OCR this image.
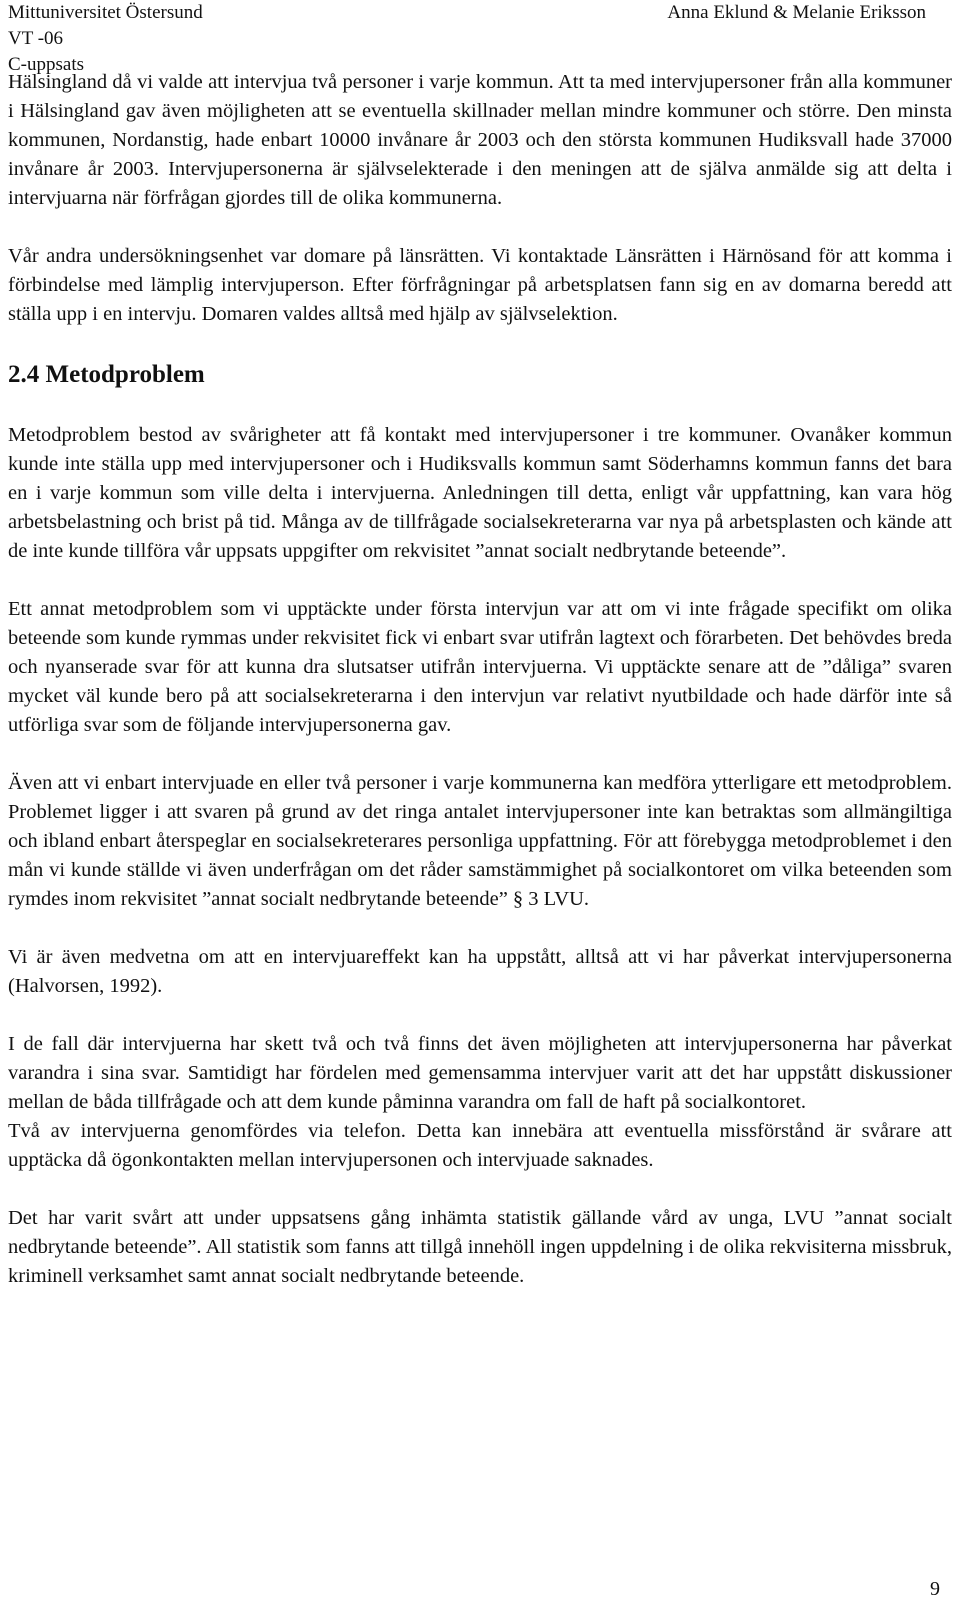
Mittuniversitet Östersund
VT -06
C-uppsats
Anna Eklund & Melanie Eriksson

Hälsingland då vi valde att intervjua två personer i varje kommun. Att ta med intervjupersoner från alla kommuner i Hälsingland gav även möjligheten att se eventuella skillnader mellan mindre kommuner och större. Den minsta kommunen, Nordanstig, hade enbart 10000 invånare år 2003 och den största kommunen Hudiksvall hade 37000 invånare år 2003. Intervjupersonerna är självselekterade i den meningen att de själva anmälde sig att delta i intervjuarna när förfrågan gjordes till de olika kommunerna.

Vår andra undersökningsenhet var domare på länsrätten. Vi kontaktade Länsrätten i Härnösand för att komma i förbindelse med lämplig intervjuperson. Efter förfrågningar på arbetsplatsen fann sig en av domarna beredd att ställa upp i en intervju. Domaren valdes alltså med hjälp av självselektion.

2.4 Metodproblem

Metodproblem bestod av svårigheter att få kontakt med intervjupersoner i tre kommuner. Ovanåker kommun kunde inte ställa upp med intervjupersoner och i Hudiksvalls kommun samt Söderhamns kommun fanns det bara en i varje kommun som ville delta i intervjuerna. Anledningen till detta, enligt vår uppfattning, kan vara hög arbetsbelastning och brist på tid. Många av de tillfrågade socialsekreterarna var nya på arbetsplasten och kände att de inte kunde tillföra vår uppsats uppgifter om rekvisitet ”annat socialt nedbrytande beteende”.

Ett annat metodproblem som vi upptäckte under första intervjun var att om vi inte frågade specifikt om olika beteende som kunde rymmas under rekvisitet fick vi enbart svar utifrån lagtext och förarbeten. Det behövdes breda och nyanserade svar för att kunna dra slutsatser utifrån intervjuerna. Vi upptäckte senare att de ”dåliga” svaren mycket väl kunde bero på att socialsekreterarna i den intervjun var relativt nyutbildade och hade därför inte så utförliga svar som de följande intervjupersonerna gav.

Även att vi enbart intervjuade en eller två personer i varje kommunerna kan medföra ytterligare ett metodproblem. Problemet ligger i att svaren på grund av det ringa antalet intervjupersoner inte kan betraktas som allmängiltiga och ibland enbart återspeglar en socialsekreterares personliga uppfattning. För att förebygga metodproblemet i den mån vi kunde ställde vi även underfrågan om det råder samstämmighet på socialkontoret om vilka beteenden som rymdes inom rekvisitet ”annat socialt nedbrytande beteende” § 3 LVU.

Vi är även medvetna om att en intervjuareffekt kan ha uppstått, alltså att vi har påverkat intervjupersonerna (Halvorsen, 1992).

I de fall där intervjuerna har skett två och två finns det även möjligheten att intervjupersonerna har påverkat varandra i sina svar. Samtidigt har fördelen med gemensamma intervjuer varit att det har uppstått diskussioner mellan de båda tillfrågade och att dem kunde påminna varandra om fall de haft på socialkontoret.

Två av intervjuerna genomfördes via telefon. Detta kan innebära att eventuella missförstånd är svårare att upptäcka då ögonkontakten mellan intervjupersonen och intervjuade saknades.

Det har varit svårt att under uppsatsens gång inhämta statistik gällande vård av unga, LVU ”annat socialt nedbrytande beteende”. All statistik som fanns att tillgå innehöll ingen uppdelning i de olika rekvisiterna missbruk, kriminell verksamhet samt annat socialt nedbrytande beteende.

9
